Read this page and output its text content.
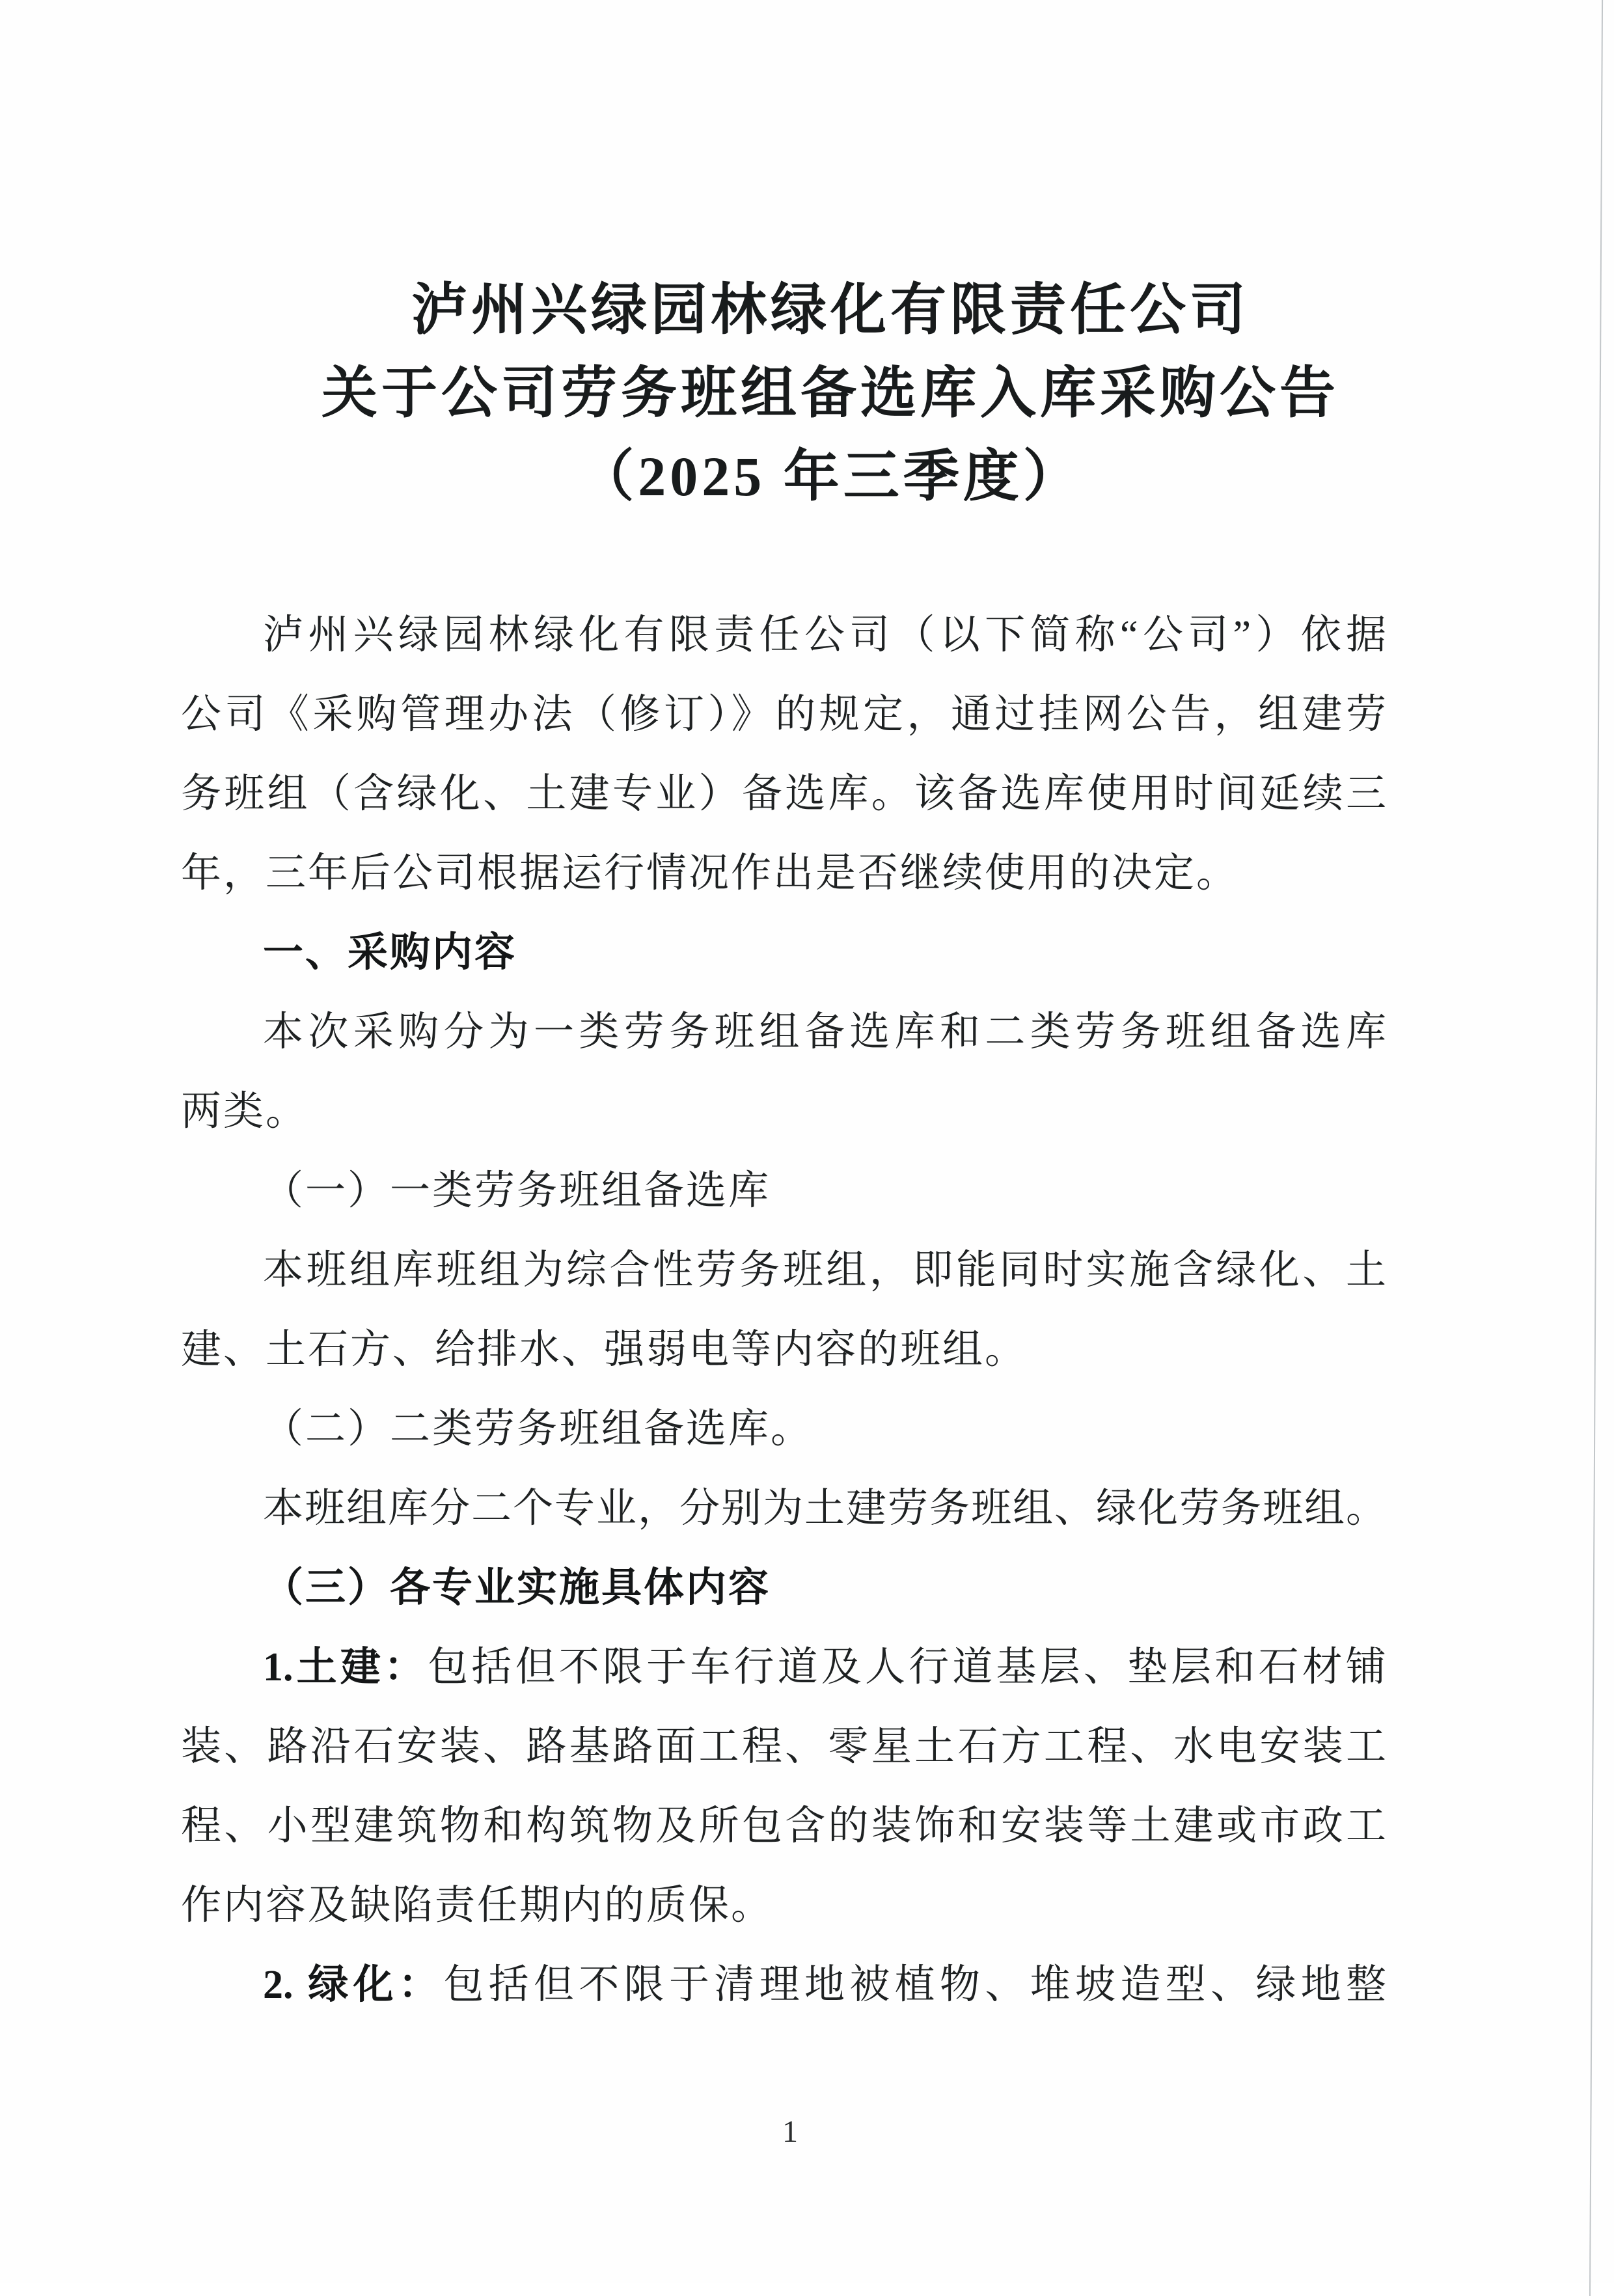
泸州兴绿园林绿化有限责任公司
关于公司劳务班组备选库入库采购公告
（2025 年三季度）
泸州兴绿园林绿化有限责任公司（以下简称“公司”）依据
公司《采购管理办法（修订）》的规定，通过挂网公告，组建劳
务班组（含绿化、土建专业）备选库。该备选库使用时间延续三
年，三年后公司根据运行情况作出是否继续使用的决定。
一、采购内容
本次采购分为一类劳务班组备选库和二类劳务班组备选库
两类。
（一）一类劳务班组备选库
本班组库班组为综合性劳务班组，即能同时实施含绿化、土
建、土石方、给排水、强弱电等内容的班组。
（二）二类劳务班组备选库。
本班组库分二个专业，分别为土建劳务班组、绿化劳务班组。
（三）各专业实施具体内容
1.土建：包括但不限于车行道及人行道基层、垫层和石材铺
装、路沿石安装、路基路面工程、零星土石方工程、水电安装工
程、小型建筑物和构筑物及所包含的装饰和安装等土建或市政工
作内容及缺陷责任期内的质保。
2. 绿化：包括但不限于清理地被植物、堆坡造型、绿地整
1
